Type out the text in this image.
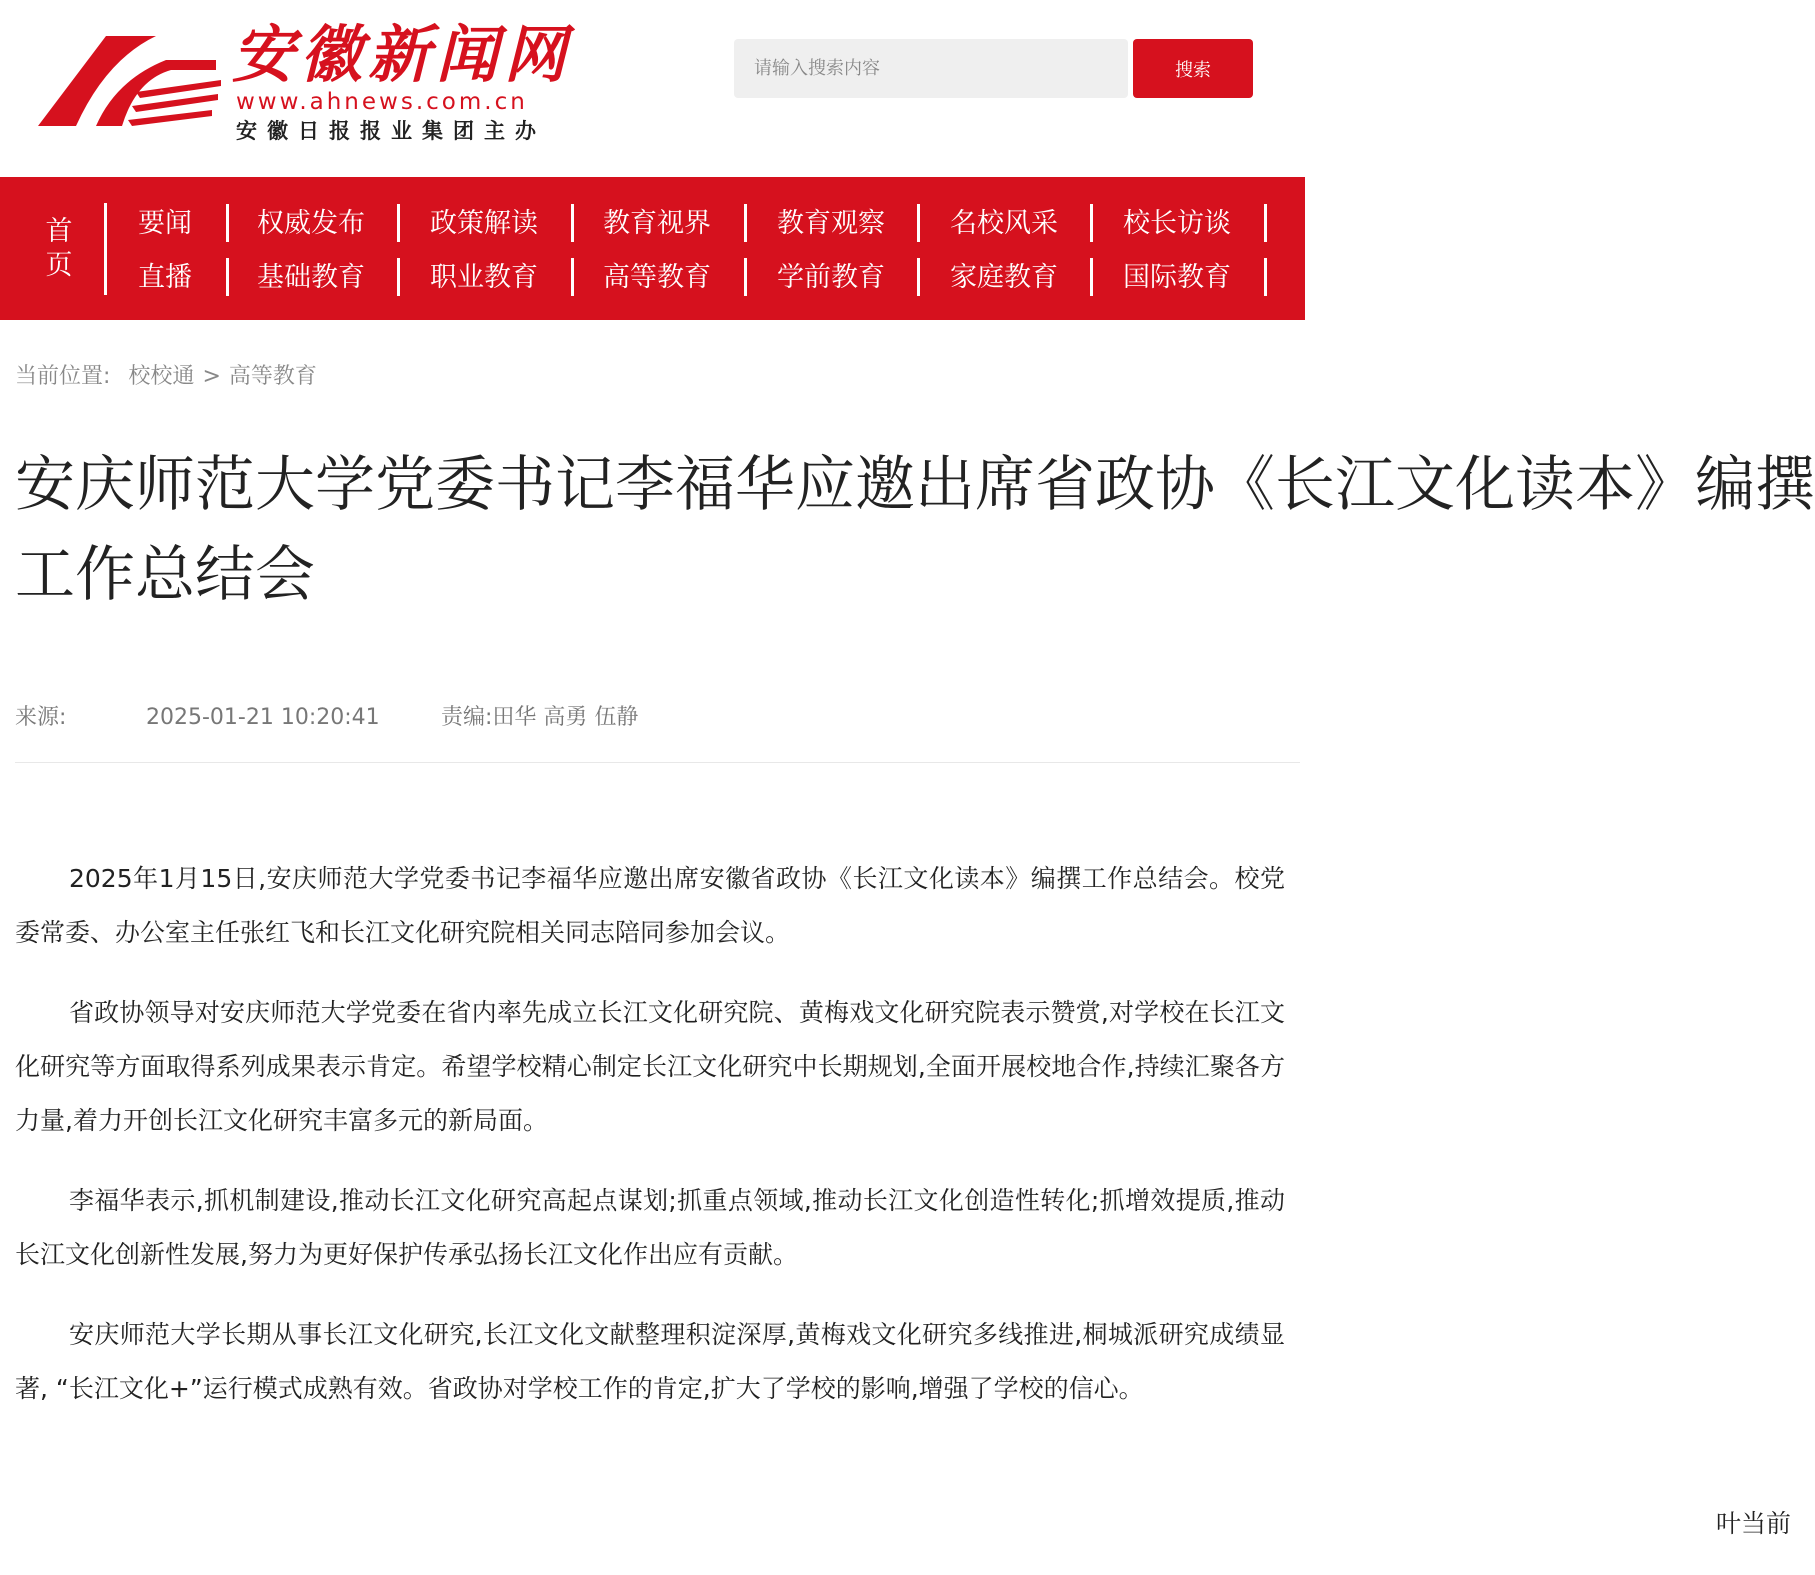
安徽新闻网
www.ahnews.com.cn
安徽日报报业集团主办
请输入搜索内容
搜索
首
页
要闻	权威发布	政策解读	教育视界	教育观察	名校风采	校长访谈
直播	基础教育	职业教育	高等教育	学前教育	家庭教育	国际教育
当前位置: 校校通 > 高等教育
安庆师范大学党委书记李福华应邀出席省政协《长江文化读本》编撰
工作总结会
来源:	2025-01-21 10:20:41	责编:田华 高勇 伍静

2025年1月15日,安庆师范大学党委书记李福华应邀出席安徽省政协《长江文化读本》编撰工作总结会。校党委常委、办公室主任张红飞和长江文化研究院相关同志陪同参加会议。

省政协领导对安庆师范大学党委在省内率先成立长江文化研究院、黄梅戏文化研究院表示赞赏,对学校在长江文化研究等方面取得系列成果表示肯定。希望学校精心制定长江文化研究中长期规划,全面开展校地合作,持续汇聚各方力量,着力开创长江文化研究丰富多元的新局面。

李福华表示,抓机制建设,推动长江文化研究高起点谋划;抓重点领域,推动长江文化创造性转化;抓增效提质,推动长江文化创新性发展,努力为更好保护传承弘扬长江文化作出应有贡献。

安庆师范大学长期从事长江文化研究,长江文化文献整理积淀深厚,黄梅戏文化研究多线推进,桐城派研究成绩显著, “长江文化+”运行模式成熟有效。省政协对学校工作的肯定,扩大了学校的影响,增强了学校的信心。

叶当前
